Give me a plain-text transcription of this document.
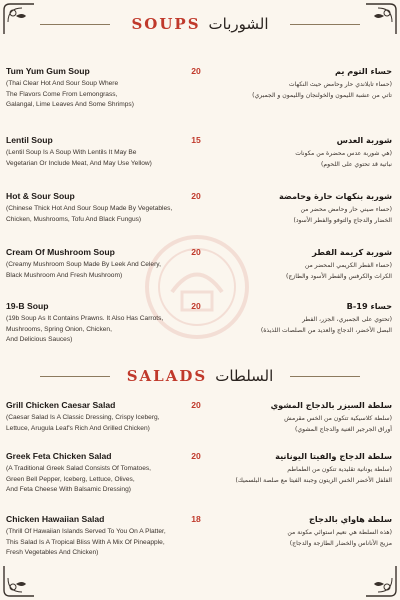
SOUPS الشوربات
Tum Yum Gum Soup
(Thai Clear Hot And Sour Soup Where
The Flavors Come From Lemongrass,
Galangal, Lime Leaves And Some Shrimps)
20	حساء التوم يم
(حساء تايلاندي حار وحامض حيث النكهات
تاتي من عشبة الليمون والخولنجان والليمون و الجمبري)
Lentil Soup
(Lentil Soup Is A Soup With Lentils It May Be
Vegetarian Or Include Meat, And May Use Yellow)
15	شوربة العدس
(هي شوربة عدس محضرة من مكونات
نباتية قد تحتوي على اللحوم)
Hot & Sour Soup
(Chinese Thick Hot And Sour Soup Made By Vegetables,
Chicken, Mushrooms, Tofu And Black Fungus)
20	شوربة بنكهات حارة وحامضة
(حساء صيني حار وحامض محضر من
الخضار والدجاج والتوفو والفطر الأسود)
Cream Of Mushroom Soup
(Creamy Mushroom Soup Made By Leek And Celery,
Black Mushroom And Fresh Mushroom)
20	شوربة كريمة الفطر
(حساء الفطر الكريمي المحضر من
الكراث والكرفس والفطر الأسود والطازج)
19-B Soup
(19b Soup As It Contains Prawns. It Also Has Carrots,
Mushrooms, Spring Onion, Chicken,
And Delicious Sauces)
20	حساء B-19
(تحتوي على الجمبري، الجزر، الفطر
البصل الأخضر، الدجاج والعديد من الصلصات اللذيذة)
SALADS السلطات
Grill Chicken Caesar Salad
(Caesar Salad Is A Classic Dressing, Crispy Iceberg,
Lettuce, Arugula Leaf's Rich And Grilled Chicken)
20	سلطة السيزر بالدجاج المشوي
(سلطة كلاسيكية تتكون من الخس مقرمش
أوراق الجرجير الغنية والدجاج المشوي)
Greek Feta Chicken Salad
(A Traditional Greek Salad Consists Of Tomatoes,
Green Bell Pepper, Iceberg, Lettuce, Olives,
And Feta Cheese With Balsamic Dressing)
20	سلطة الدجاج والفيتا اليونانية
(سلطة يونانية تقليدية تتكون من الطماطم
الفلفل الأخضر الخس الزيتون وجبنة الفيتا مع صلصة البلسميك)
Chicken Hawaiian Salad
(Thrill Of Hawaiian Islands Served To You On A Platter,
This Salad Is A Tropical Bliss With A Mix Of Pineapple,
Fresh Vegetables And Chicken)
18	سلطة هاواي بالدجاج
(هذه السلطة هي نعيم استوائي مكونة من
مزيج الأناناس والخضار الطازجة والدجاج)
